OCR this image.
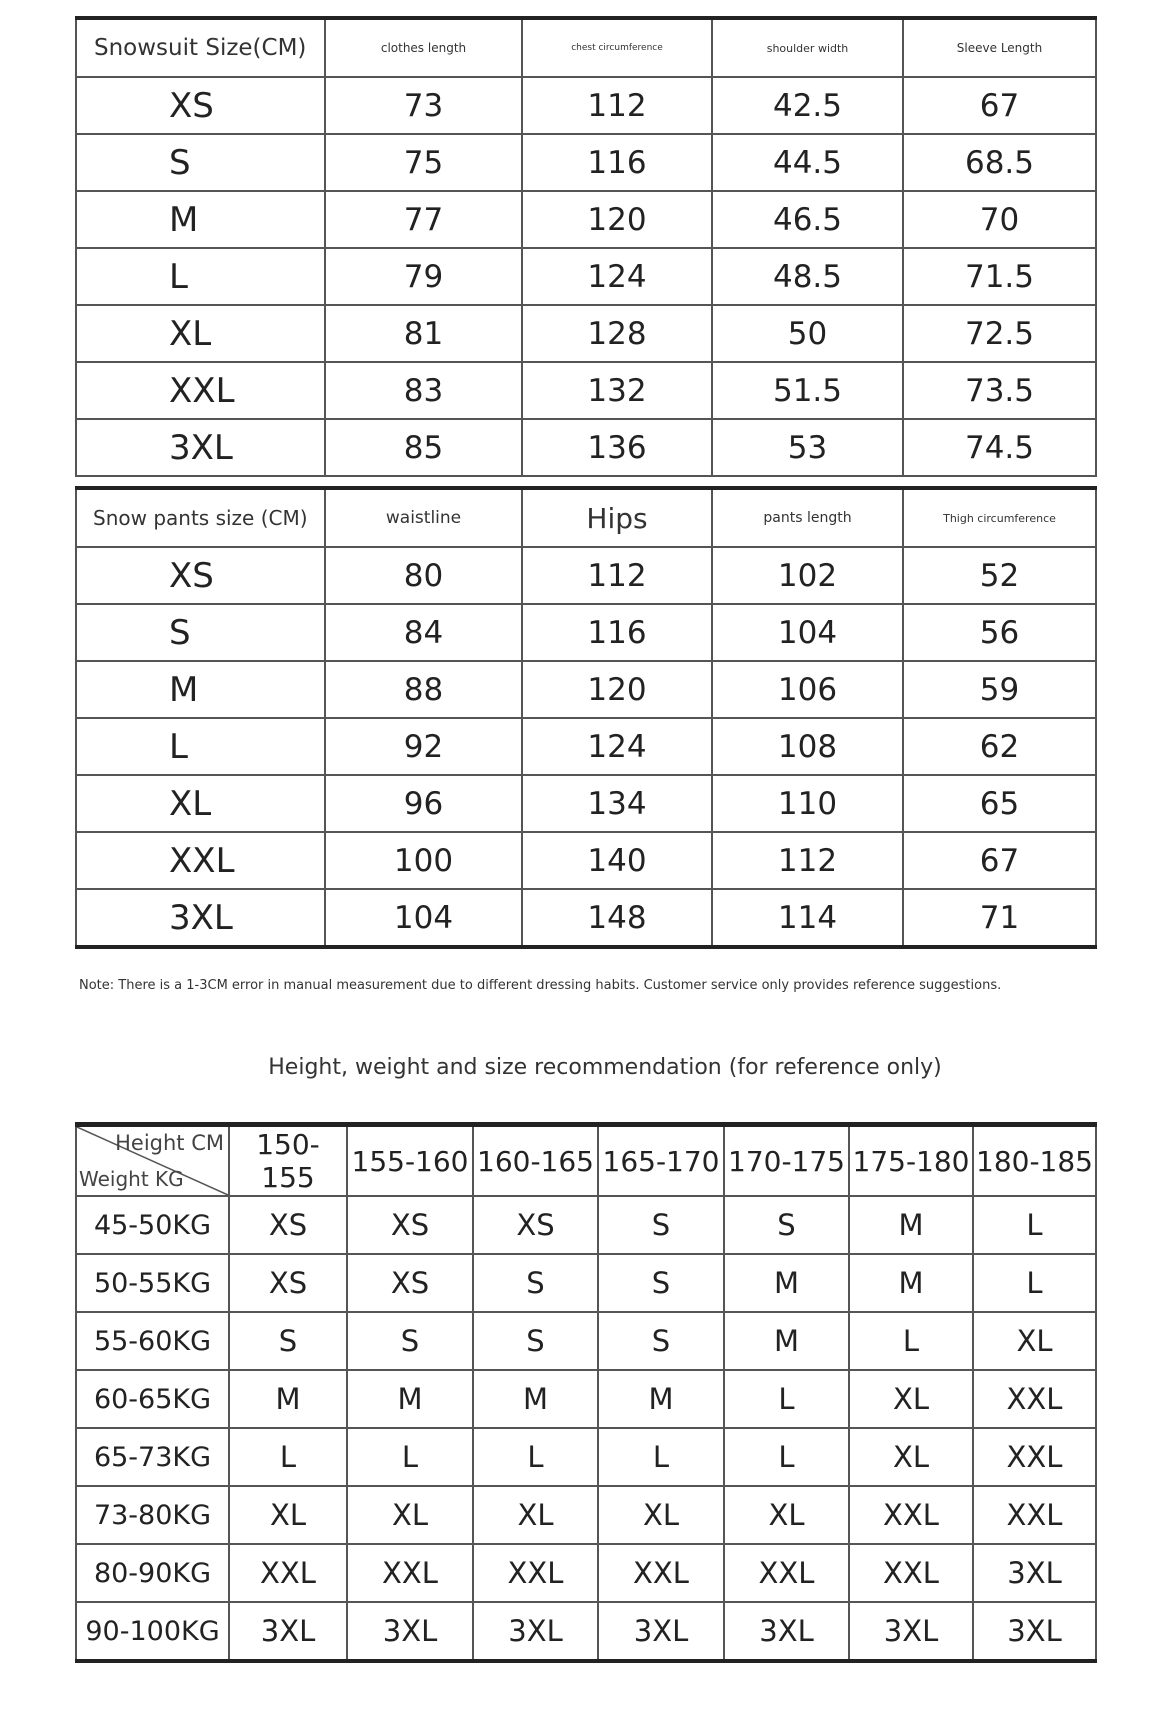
Snowsuit Size(CM)	clothes length	chest circumference	shoulder width	Sleeve Length
XS	73	112	42.5	67
S	75	116	44.5	68.5
M	77	120	46.5	70
L	79	124	48.5	71.5
XL	81	128	50	72.5
XXL	83	132	51.5	73.5
3XL	85	136	53	74.5
Snow pants size (CM)	waistline	Hips	pants length	Thigh circumference
XS	80	112	102	52
S	84	116	104	56
M	88	120	106	59
L	92	124	108	62
XL	96	134	110	65
XXL	100	140	112	67
3XL	104	148	114	71
Note: There is a 1-3CM error in manual measurement due to different dressing habits. Customer service only provides reference suggestions.
Height, weight and size recommendation (for reference only)
Height CM
Weight KG	150-155	155-160	160-165	165-170	170-175	175-180	180-185
45-50KG	XS	XS	XS	S	S	M	L
50-55KG	XS	XS	S	S	M	M	L
55-60KG	S	S	S	S	M	L	XL
60-65KG	M	M	M	M	L	XL	XXL
65-73KG	L	L	L	L	L	XL	XXL
73-80KG	XL	XL	XL	XL	XL	XXL	XXL
80-90KG	XXL	XXL	XXL	XXL	XXL	XXL	3XL
90-100KG	3XL	3XL	3XL	3XL	3XL	3XL	3XL
